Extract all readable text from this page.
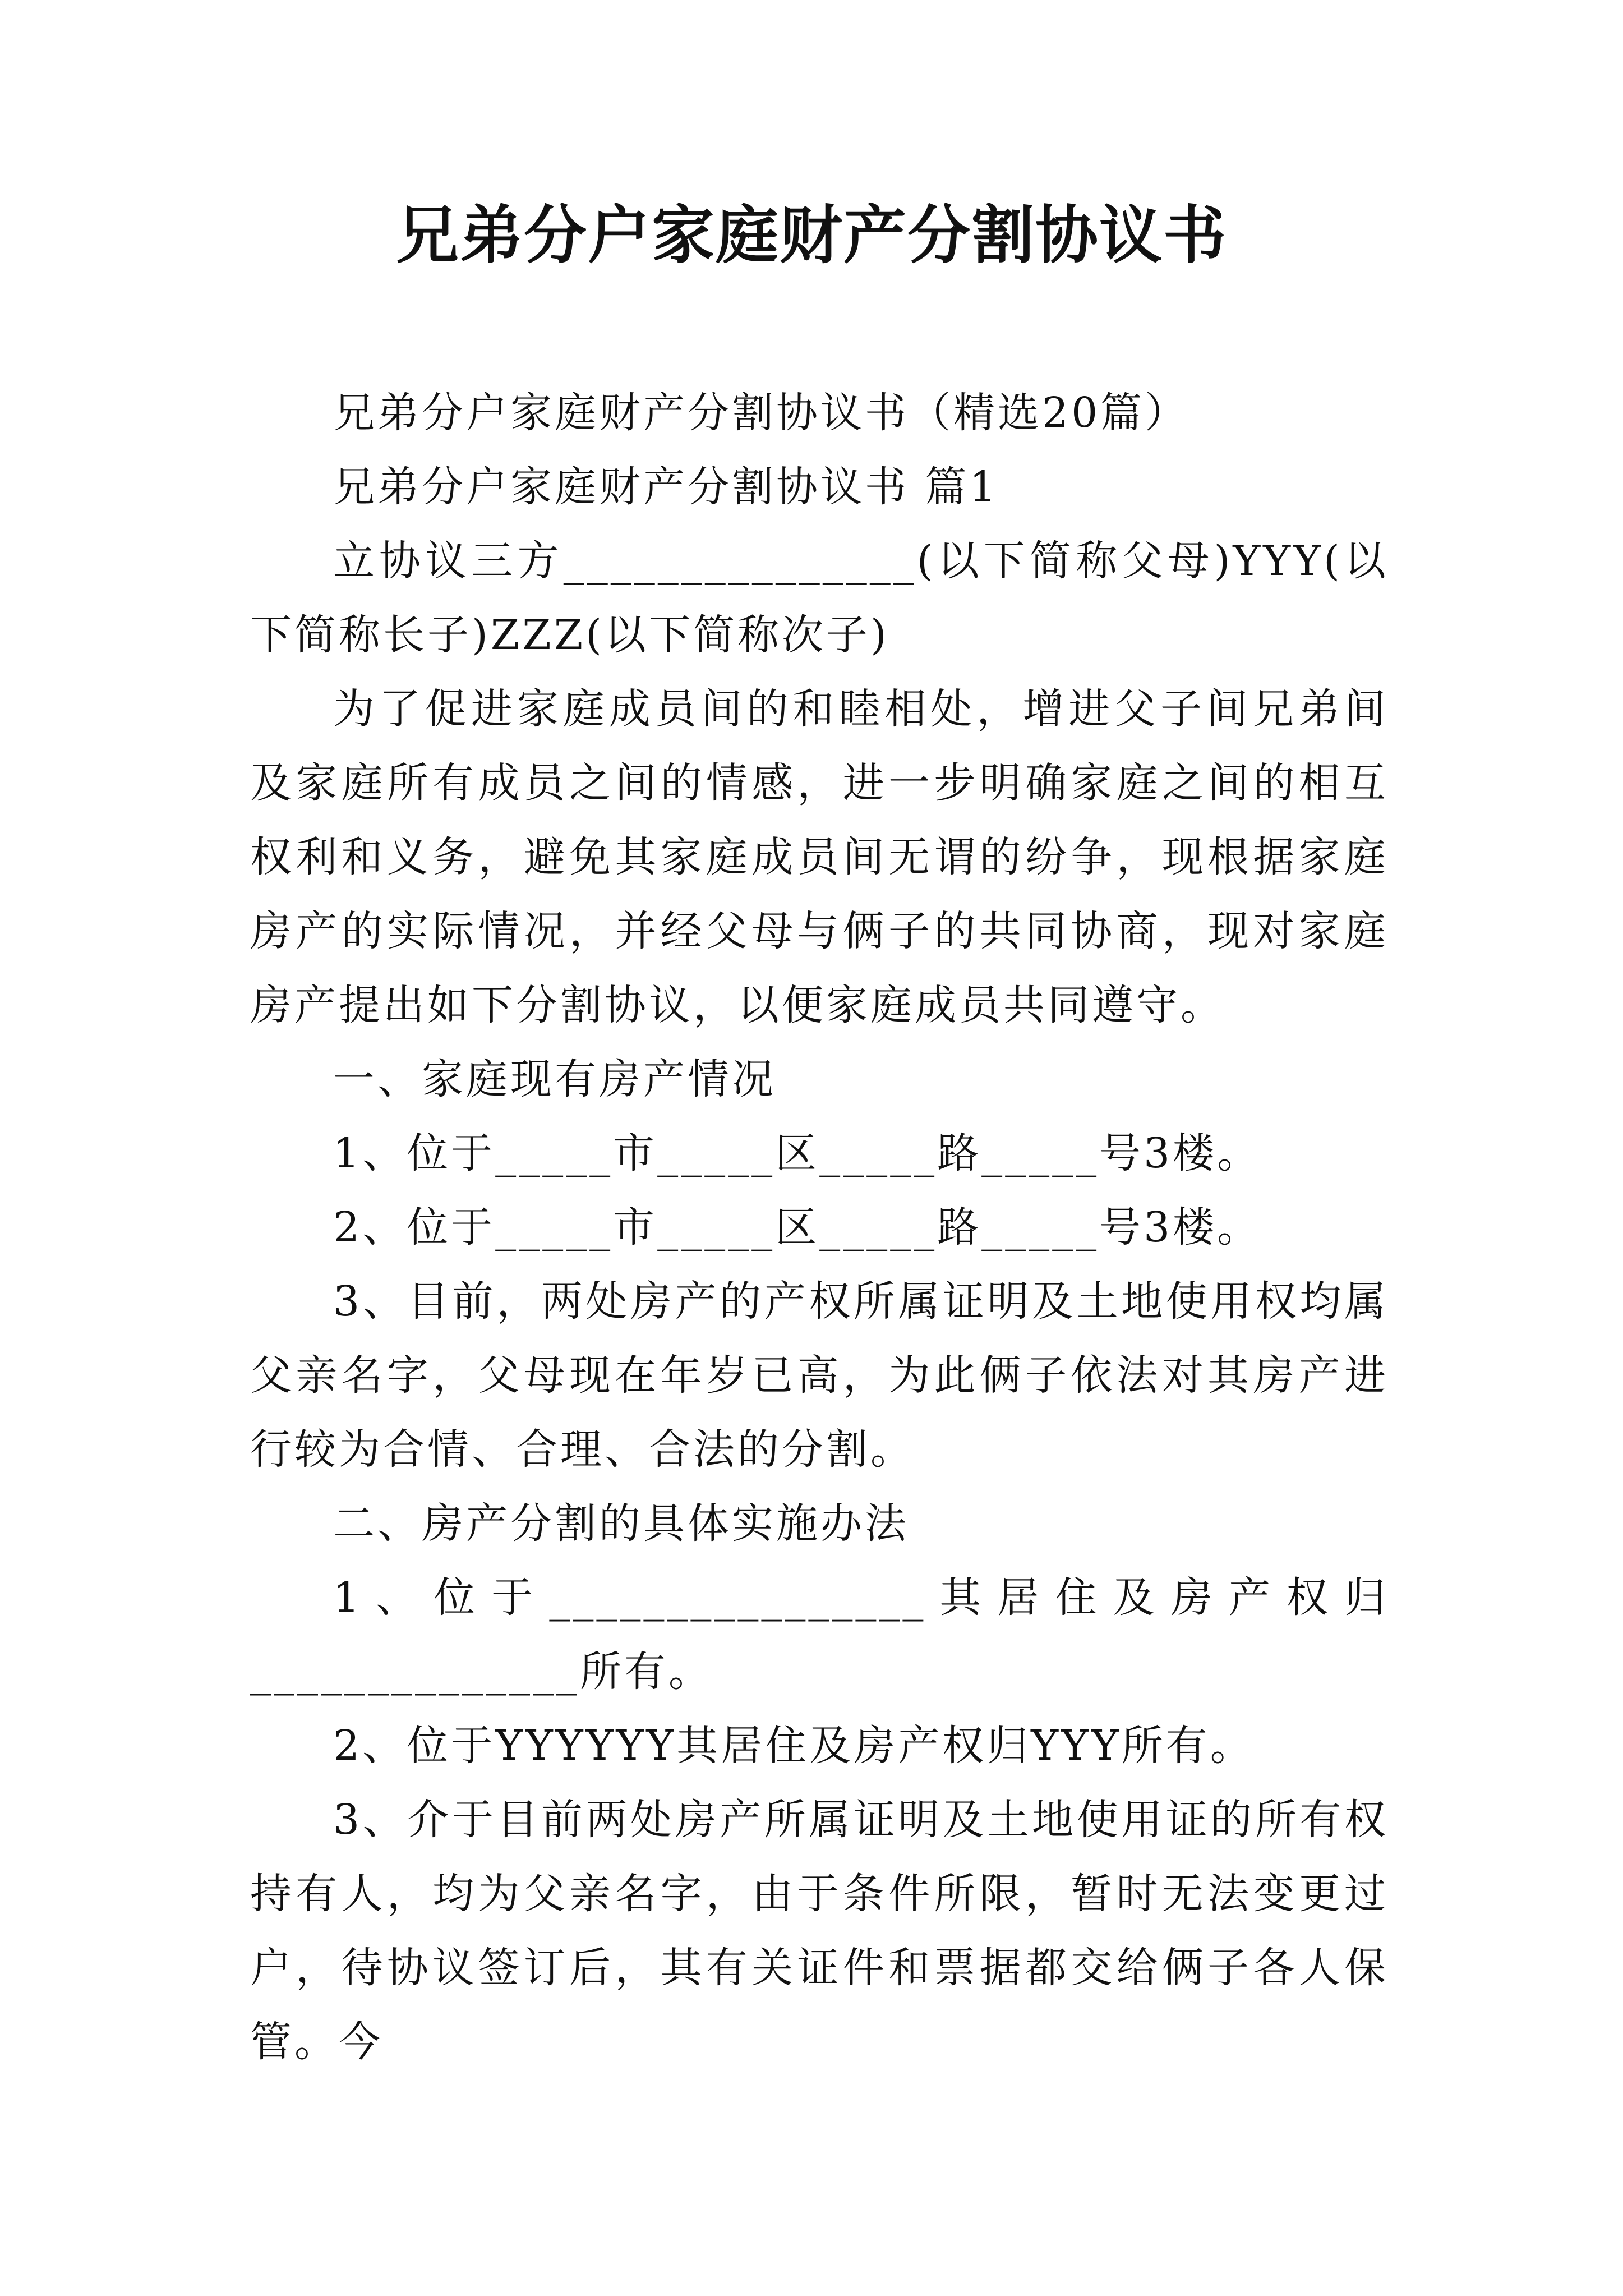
兄弟分户家庭财产分割协议书

兄弟分户家庭财产分割协议书（精选20篇）

兄弟分户家庭财产分割协议书 篇1

立协议三方_______________(以下简称父母)YYY(以下简称长子)ZZZ(以下简称次子)

为了促进家庭成员间的和睦相处，增进父子间兄弟间及家庭所有成员之间的情感，进一步明确家庭之间的相互权利和义务，避免其家庭成员间无谓的纷争，现根据家庭房产的实际情况，并经父母与俩子的共同协商，现对家庭房产提出如下分割协议，以便家庭成员共同遵守。

一、家庭现有房产情况

1、位于_____市_____区_____路_____号3楼。

2、位于_____市_____区_____路_____号3楼。

3、目前，两处房产的产权所属证明及土地使用权均属父亲名字，父母现在年岁已高，为此俩子依法对其房产进行较为合情、合理、合法的分割。

二、房产分割的具体实施办法

1、位于________________其居住及房产权归______________所有。

2、位于YYYYYY其居住及房产权归YYY所有。

3、介于目前两处房产所属证明及土地使用证的所有权持有人，均为父亲名字，由于条件所限，暂时无法变更过户，待协议签订后，其有关证件和票据都交给俩子各人保管。今
